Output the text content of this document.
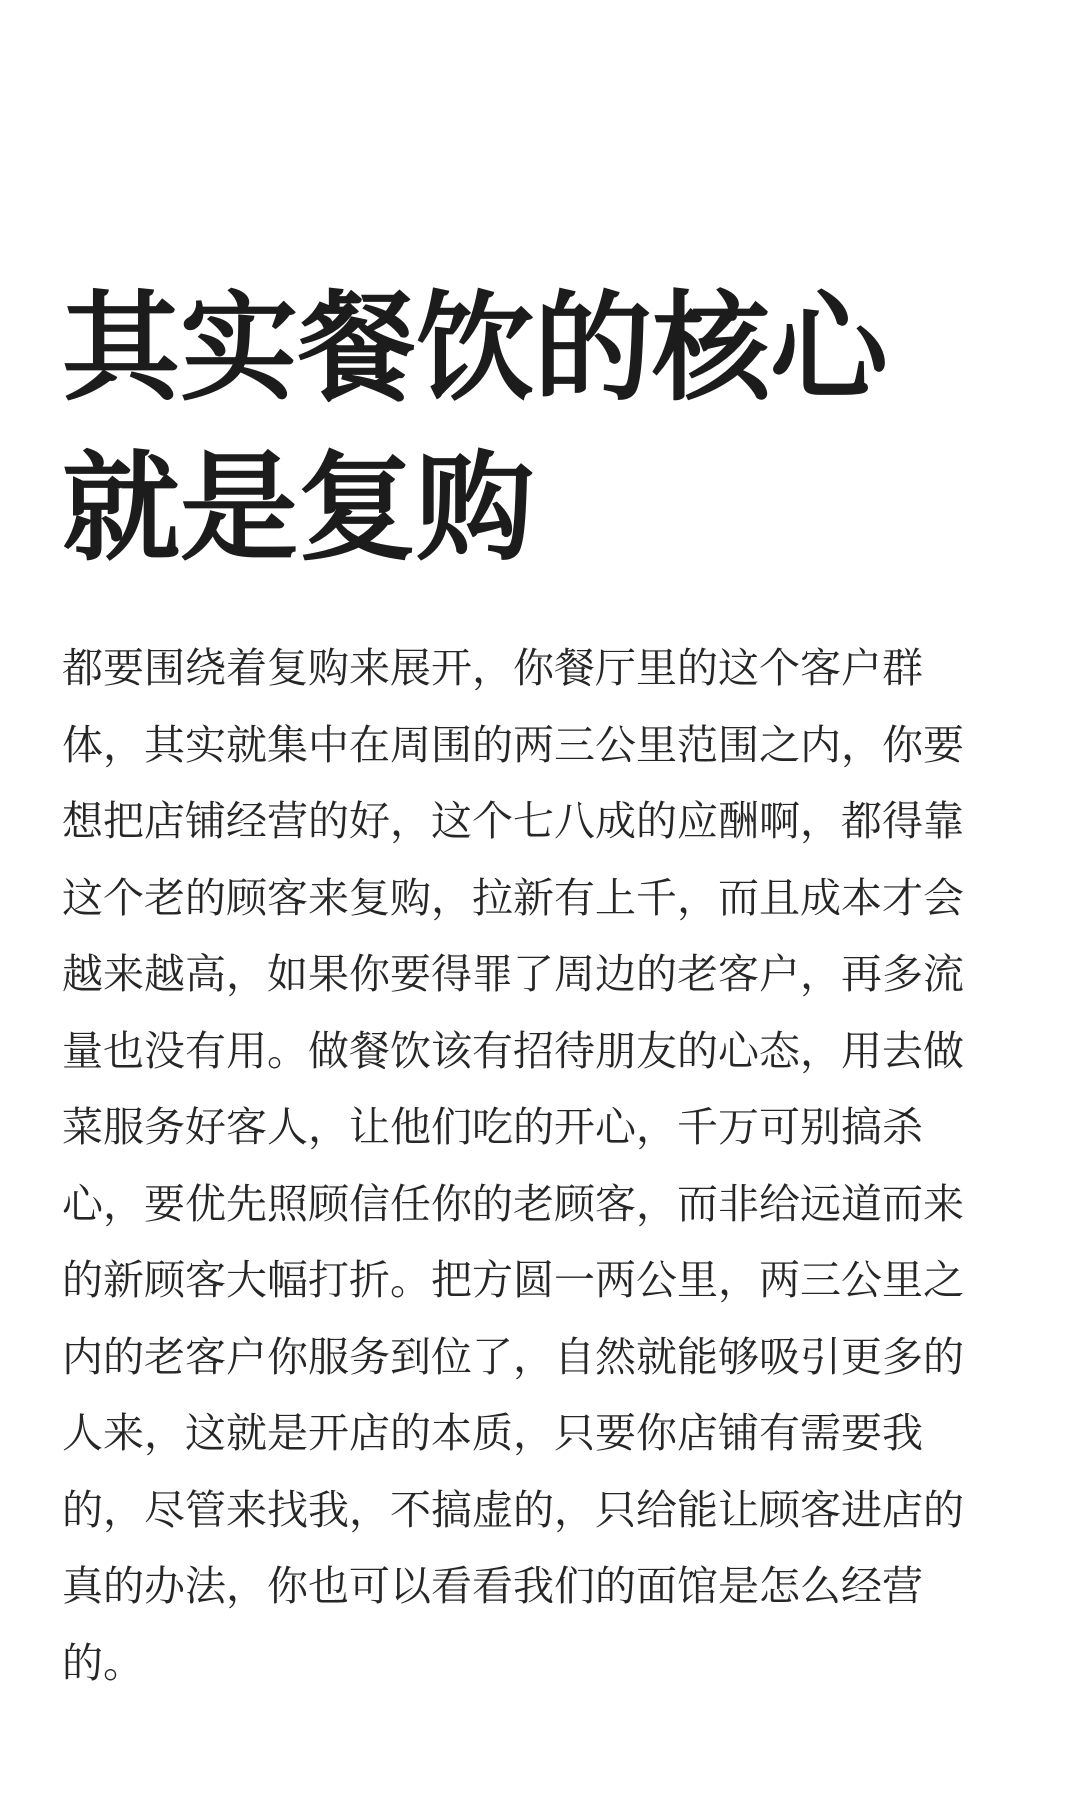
其实餐饮的核心
就是复购

都要围绕着复购来展开，你餐厅里的这个客户群
体，其实就集中在周围的两三公里范围之内，你要
想把店铺经营的好，这个七八成的应酬啊，都得靠
这个老的顾客来复购，拉新有上千，而且成本才会
越来越高，如果你要得罪了周边的老客户，再多流
量也没有用。做餐饮该有招待朋友的心态，用去做
菜服务好客人，让他们吃的开心，千万可别搞杀
心，要优先照顾信任你的老顾客，而非给远道而来
的新顾客大幅打折。把方圆一两公里，两三公里之
内的老客户你服务到位了，自然就能够吸引更多的
人来，这就是开店的本质，只要你店铺有需要我
的，尽管来找我，不搞虚的，只给能让顾客进店的
真的办法，你也可以看看我们的面馆是怎么经营
的。
